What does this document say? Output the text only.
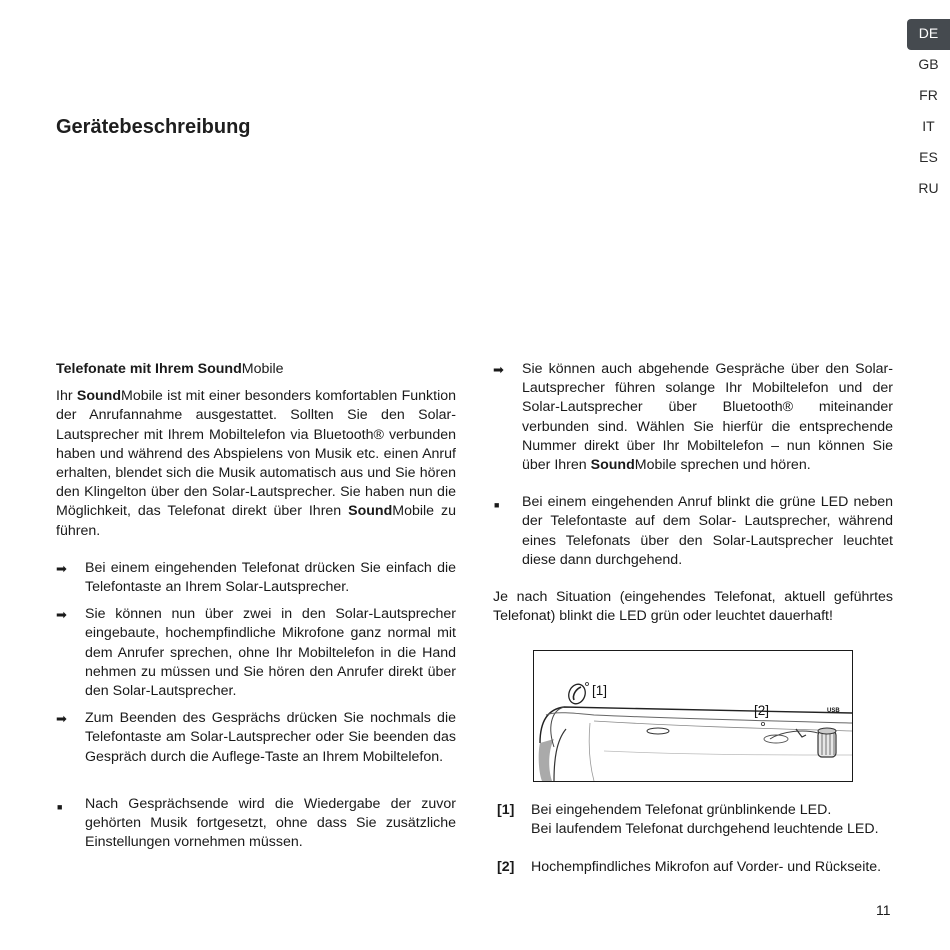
DE
GB
FR
IT
ES
RU
Gerätebeschreibung

Telefonate mit Ihrem SoundMobile

Ihr SoundMobile ist mit einer besonders komfortablen Funktion der Anrufannahme ausgestattet. Sollten Sie den Solar-Lautsprecher mit Ihrem Mobiltelefon via Bluetooth® verbunden haben und während des Abspielens von Musik etc. einen Anruf erhalten, blendet sich die Musik automatisch aus und Sie hören den Klingelton über den Solar-Lautsprecher. Sie haben nun die Möglichkeit, das Telefonat direkt über Ihren SoundMobile zu führen.

➡	Bei einem eingehenden Telefonat drücken Sie einfach die Telefontaste an Ihrem Solar-Lautsprecher.
➡	Sie können nun über zwei in den Solar-Lautsprecher eingebaute, hochempfindliche Mikrofone ganz normal mit dem Anrufer sprechen, ohne Ihr Mobiltelefon in die Hand nehmen zu müssen und Sie hören den Anrufer direkt über den Solar-Lautsprecher.
➡	Zum Beenden des Gesprächs drücken Sie nochmals die Telefontaste am Solar-Lautsprecher oder Sie beenden das Gespräch durch die Auflege-Taste an Ihrem Mobiltelefon.
■	Nach Gesprächsende wird die Wiedergabe der zuvor gehörten Musik fortgesetzt, ohne dass Sie zusätzliche Einstellungen vornehmen müssen.
➡	Sie können auch abgehende Gespräche über den Solar-Lautsprecher führen solange Ihr Mobiltelefon und der Solar-Lautsprecher über Bluetooth® miteinander verbunden sind. Wählen Sie hierfür die entsprechende Nummer direkt über Ihr Mobiltelefon – nun können Sie über Ihren SoundMobile sprechen und hören.
■	Bei einem eingehenden Anruf blinkt die grüne LED neben der Telefontaste auf dem Solar- Lautsprecher, während eines Telefonats über den Solar-Lautsprecher leuchtet diese dann durchgehend.

Je nach Situation (eingehendes Telefonat, aktuell geführtes Telefonat) blinkt die LED grün oder leuchtet dauerhaft!

[1]
[2]	USB
[1] Bei eingehendem Telefonat grünblinkende LED.
Bei laufendem Telefonat durchgehend leuchtende LED.
[2] Hochempfindliches Mikrofon auf Vorder- und Rückseite.
11
